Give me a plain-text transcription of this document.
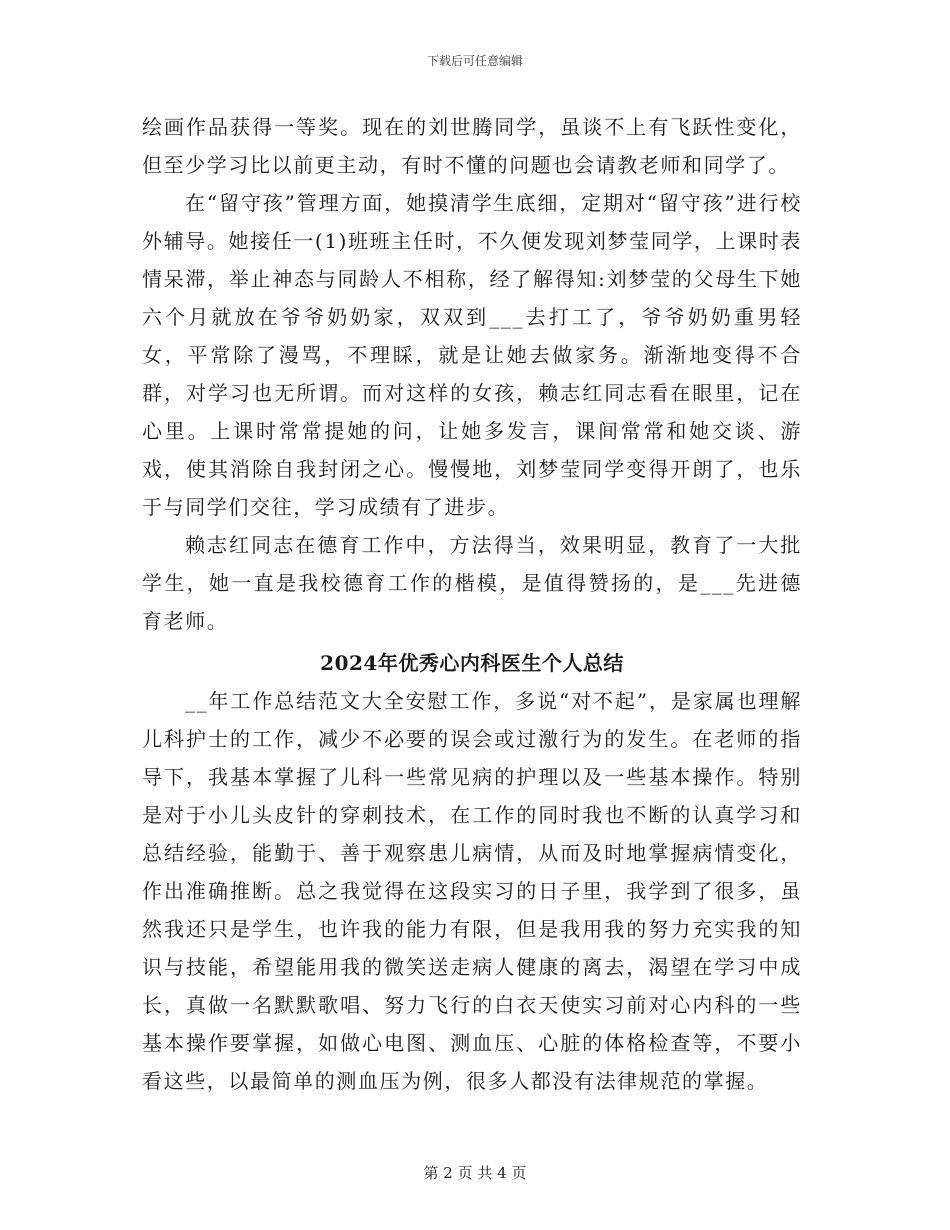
下载后可任意编辑

绘画作品获得一等奖。现在的刘世腾同学，虽谈不上有飞跃性变化，但至少学习比以前更主动，有时不懂的问题也会请教老师和同学了。

在“留守孩”管理方面，她摸清学生底细，定期对“留守孩”进行校外辅导。她接任一(1)班班主任时，不久便发现刘梦莹同学，上课时表情呆滞，举止神态与同龄人不相称，经了解得知:刘梦莹的父母生下她六个月就放在爷爷奶奶家，双双到___去打工了，爷爷奶奶重男轻女，平常除了漫骂，不理睬，就是让她去做家务。渐渐地变得不合群，对学习也无所谓。而对这样的女孩，赖志红同志看在眼里，记在心里。上课时常常提她的问，让她多发言，课间常常和她交谈、游戏，使其消除自我封闭之心。慢慢地，刘梦莹同学变得开朗了，也乐于与同学们交往，学习成绩有了进步。

赖志红同志在德育工作中，方法得当，效果明显，教育了一大批学生，她一直是我校德育工作的楷模，是值得赞扬的，是___先进德育老师。

2024年优秀心内科医生个人总结

__年工作总结范文大全安慰工作，多说“对不起”，是家属也理解儿科护士的工作，减少不必要的误会或过激行为的发生。在老师的指导下，我基本掌握了儿科一些常见病的护理以及一些基本操作。特别是对于小儿头皮针的穿刺技术，在工作的同时我也不断的认真学习和总结经验，能勤于、善于观察患儿病情，从而及时地掌握病情变化，作出准确推断。总之我觉得在这段实习的日子里，我学到了很多，虽然我还只是学生，也许我的能力有限，但是我用我的努力充实我的知识与技能，希望能用我的微笑送走病人健康的离去，渴望在学习中成长，真做一名默默歌唱、努力飞行的白衣天使实习前对心内科的一些基本操作要掌握，如做心电图、测血压、心脏的体格检查等，不要小看这些，以最简单的测血压为例，很多人都没有法律规范的掌握。

第 2 页 共 4 页
